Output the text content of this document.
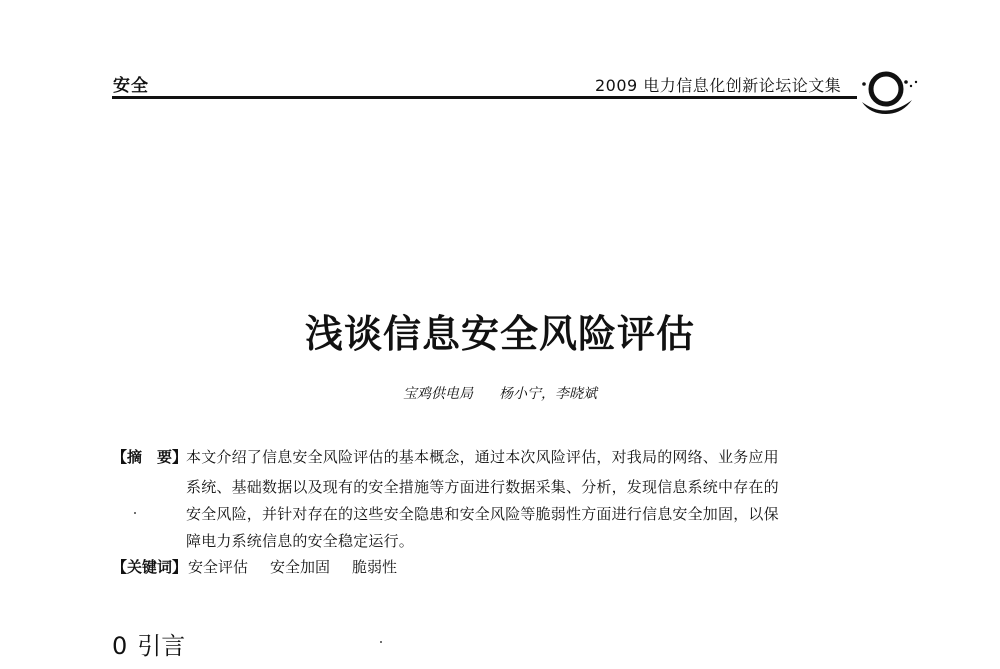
安全	2009 电力信息化创新论坛论文集
浅谈信息安全风险评估
宝鸡供电局 杨小宁，李晓斌
【摘　要】
本文介绍了信息安全风险评估的基本概念，通过本次风险评估，对我局的网络、业务应用
系统、基础数据以及现有的安全措施等方面进行数据采集、分析，发现信息系统中存在的
安全风险，并针对存在的这些安全隐患和安全风险等脆弱性方面进行信息安全加固，以保
障电力系统信息的安全稳定运行。
【关键词】 安全评估 安全加固 脆弱性
0 引言
